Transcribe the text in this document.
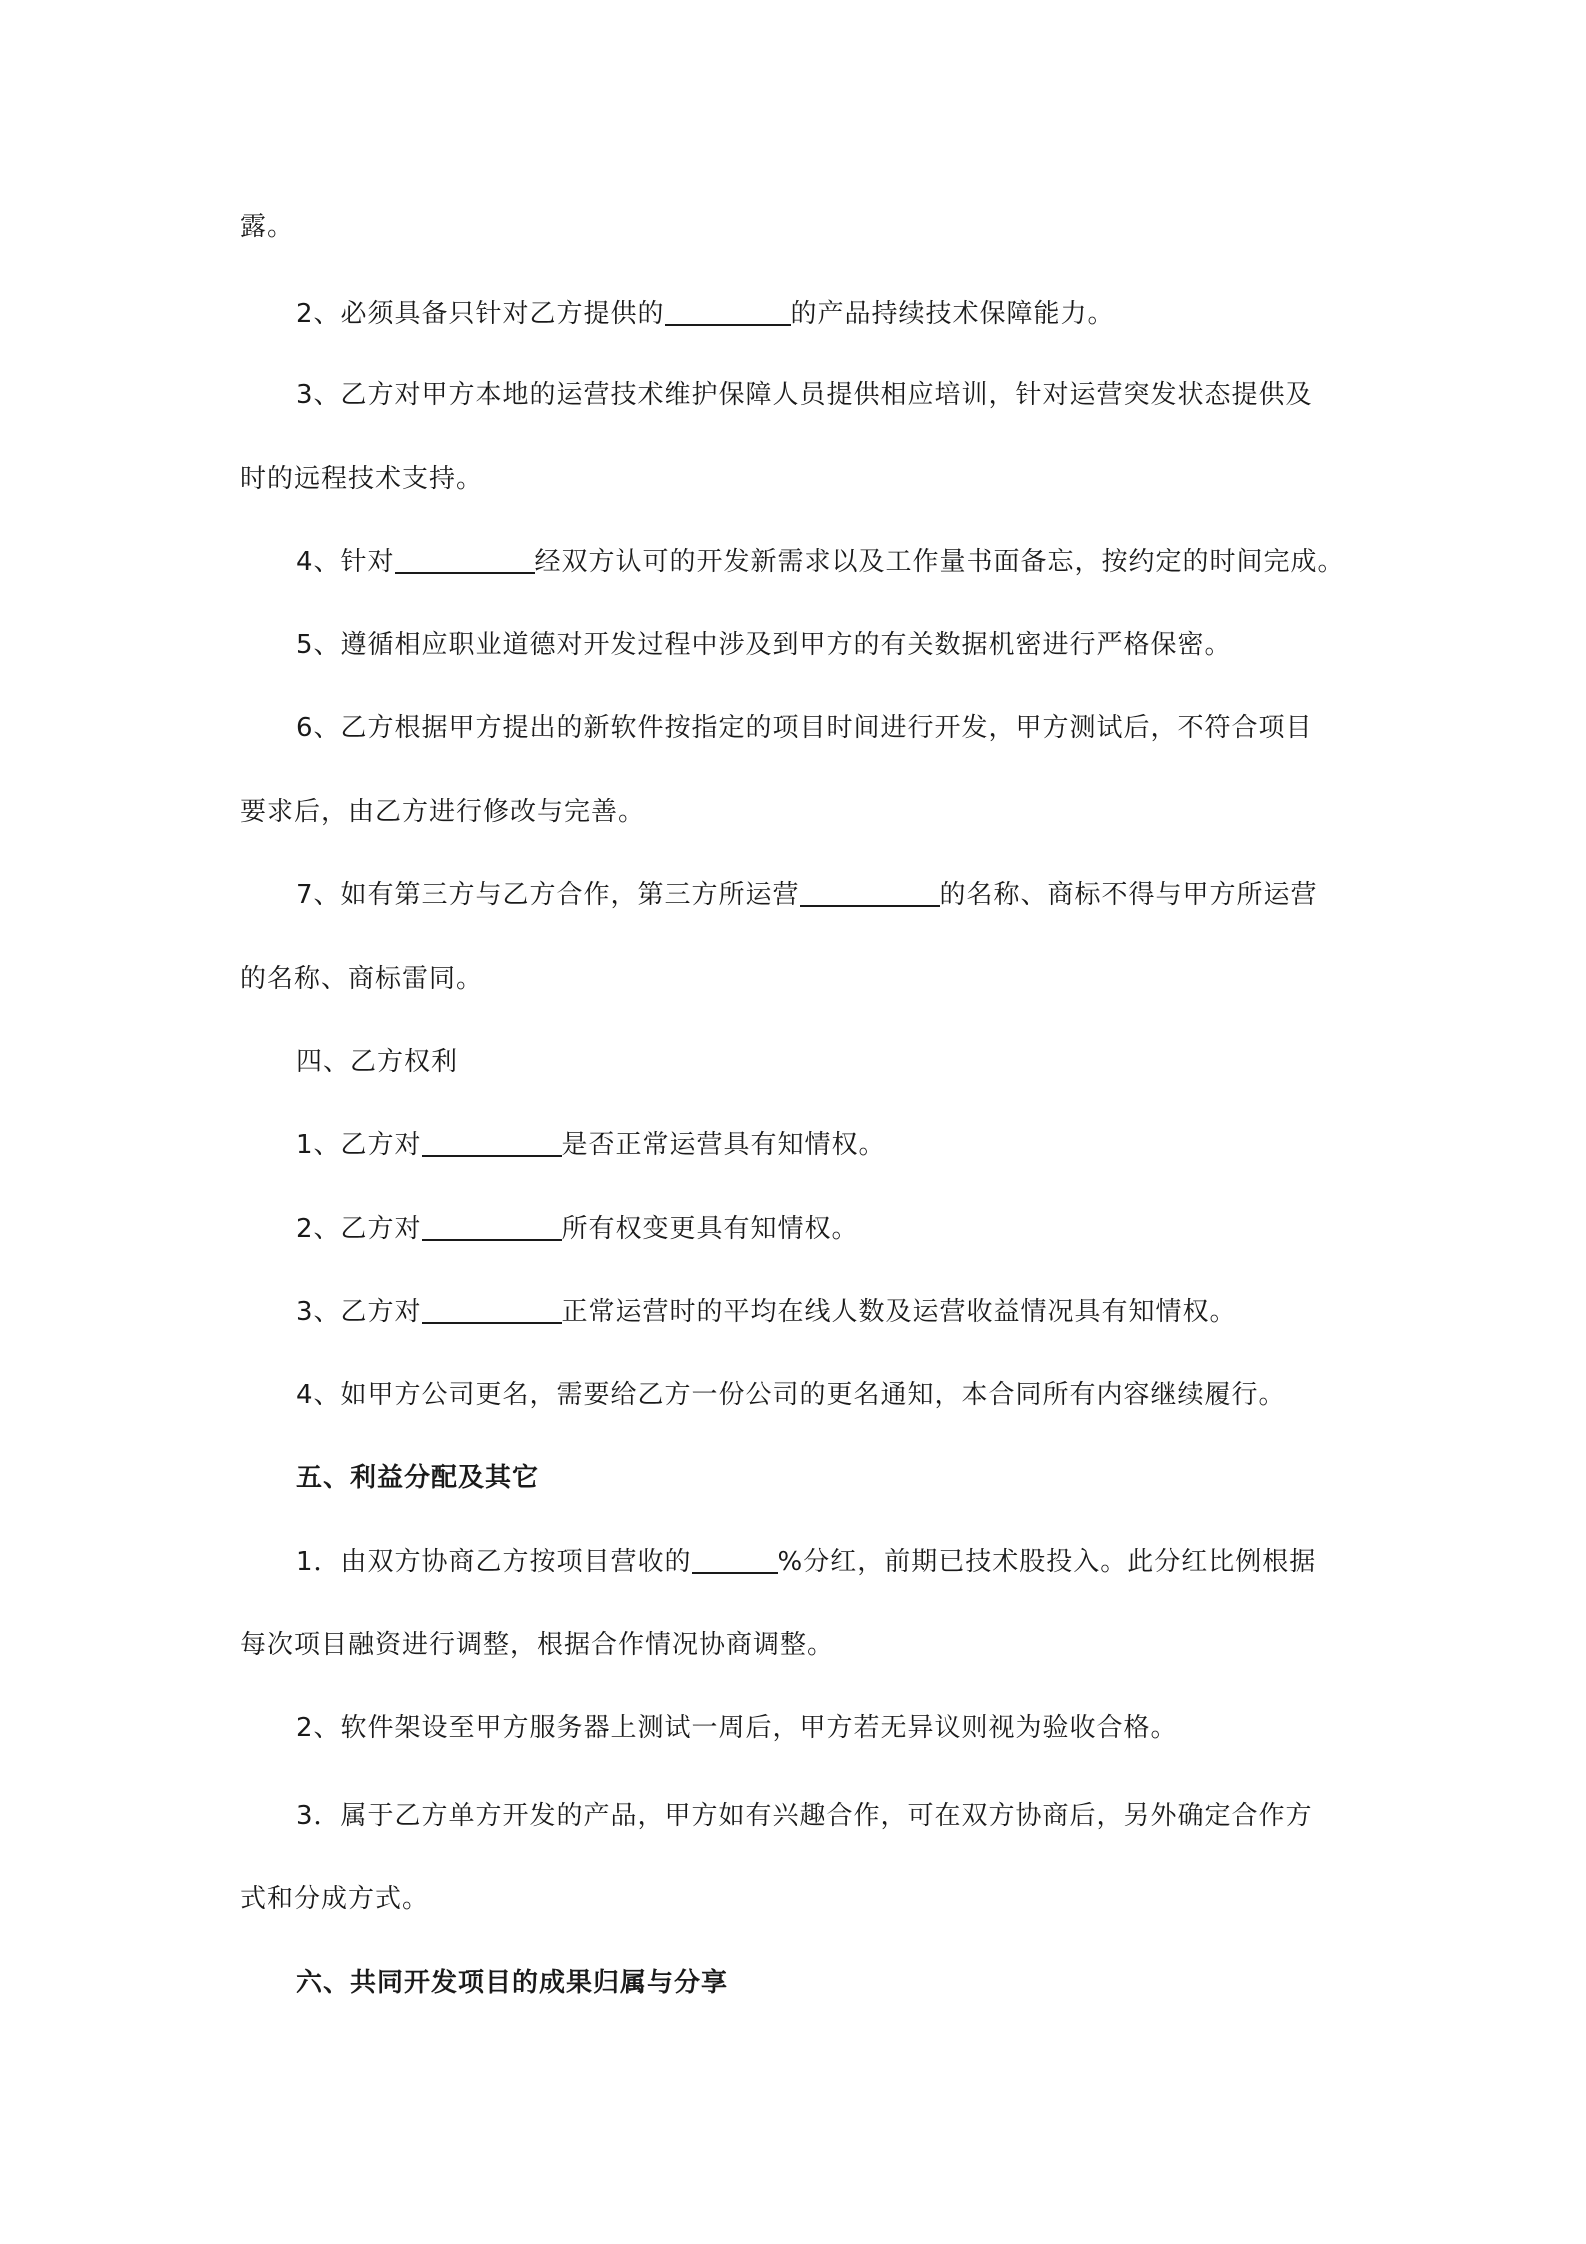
露。
2、必须具备只针对乙方提供的	的产品持续技术保障能力。
3、乙方对甲方本地的运营技术维护保障人员提供相应培训，针对运营突发状态提供及
时的远程技术支持。
4、针对	经双方认可的开发新需求以及工作量书面备忘，按约定的时间完成。
5、遵循相应职业道德对开发过程中涉及到甲方的有关数据机密进行严格保密。
6、乙方根据甲方提出的新软件按指定的项目时间进行开发，甲方测试后，不符合项目
要求后，由乙方进行修改与完善。
7、如有第三方与乙方合作，第三方所运营	的名称、商标不得与甲方所运营
的名称、商标雷同。
四、乙方权利
1、乙方对	是否正常运营具有知情权。
2、乙方对	所有权变更具有知情权。
3、乙方对	正常运营时的平均在线人数及运营收益情况具有知情权。
4、如甲方公司更名，需要给乙方一份公司的更名通知，本合同所有内容继续履行。
五、利益分配及其它
1．由双方协商乙方按项目营收的	%分红，前期已技术股投入。此分红比例根据
每次项目融资进行调整，根据合作情况协商调整。
2、软件架设至甲方服务器上测试一周后，甲方若无异议则视为验收合格。
3．属于乙方单方开发的产品，甲方如有兴趣合作，可在双方协商后，另外确定合作方
式和分成方式。
六、共同开发项目的成果归属与分享
